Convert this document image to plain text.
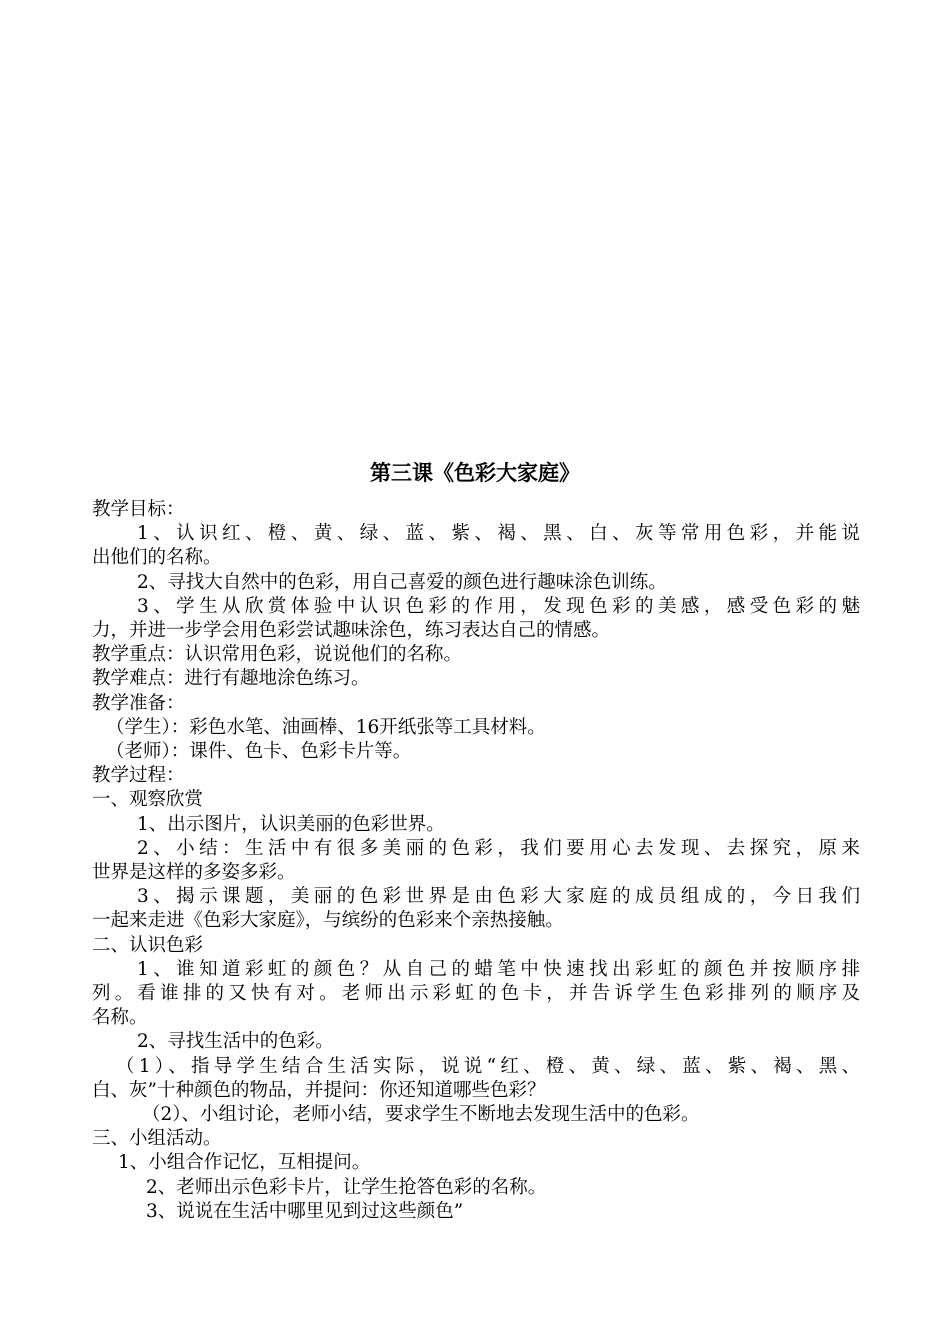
第三课《色彩大家庭》
教学目标：
1、认识红、橙、黄、绿、蓝、紫、褐、黑、白、灰等常用色彩，并能说
出他们的名称。
2、寻找大自然中的色彩，用自己喜爱的颜色进行趣味涂色训练。
3、学生从欣赏体验中认识色彩的作用，发现色彩的美感，感受色彩的魅
力，并进一步学会用色彩尝试趣味涂色，练习表达自己的情感。
教学重点：认识常用色彩，说说他们的名称。
教学难点：进行有趣地涂色练习。
教学准备：
（学生）：彩色水笔、油画棒、16开纸张等工具材料。
（老师）：课件、色卡、色彩卡片等。
教学过程：
一、观察欣赏
1、出示图片，认识美丽的色彩世界。
2、小结：生活中有很多美丽的色彩，我们要用心去发现、去探究，原来
世界是这样的多姿多彩。
3、揭示课题，美丽的色彩世界是由色彩大家庭的成员组成的，今日我们
一起来走进《色彩大家庭》，与缤纷的色彩来个亲热接触。
二、认识色彩
1、谁知道彩虹的颜色？从自己的蜡笔中快速找出彩虹的颜色并按顺序排
列。看谁排的又快有对。老师出示彩虹的色卡，并告诉学生色彩排列的顺序及
名称。
2、寻找生活中的色彩。
（1）、指导学生结合生活实际，说说“红、橙、黄、绿、蓝、紫、褐、黑、
白、灰”十种颜色的物品，并提问：你还知道哪些色彩？
（2）、小组讨论，老师小结，要求学生不断地去发现生活中的色彩。
三、小组活动。
1、小组合作记忆，互相提问。
2、老师出示色彩卡片，让学生抢答色彩的名称。
3、说说在生活中哪里见到过这些颜色”
